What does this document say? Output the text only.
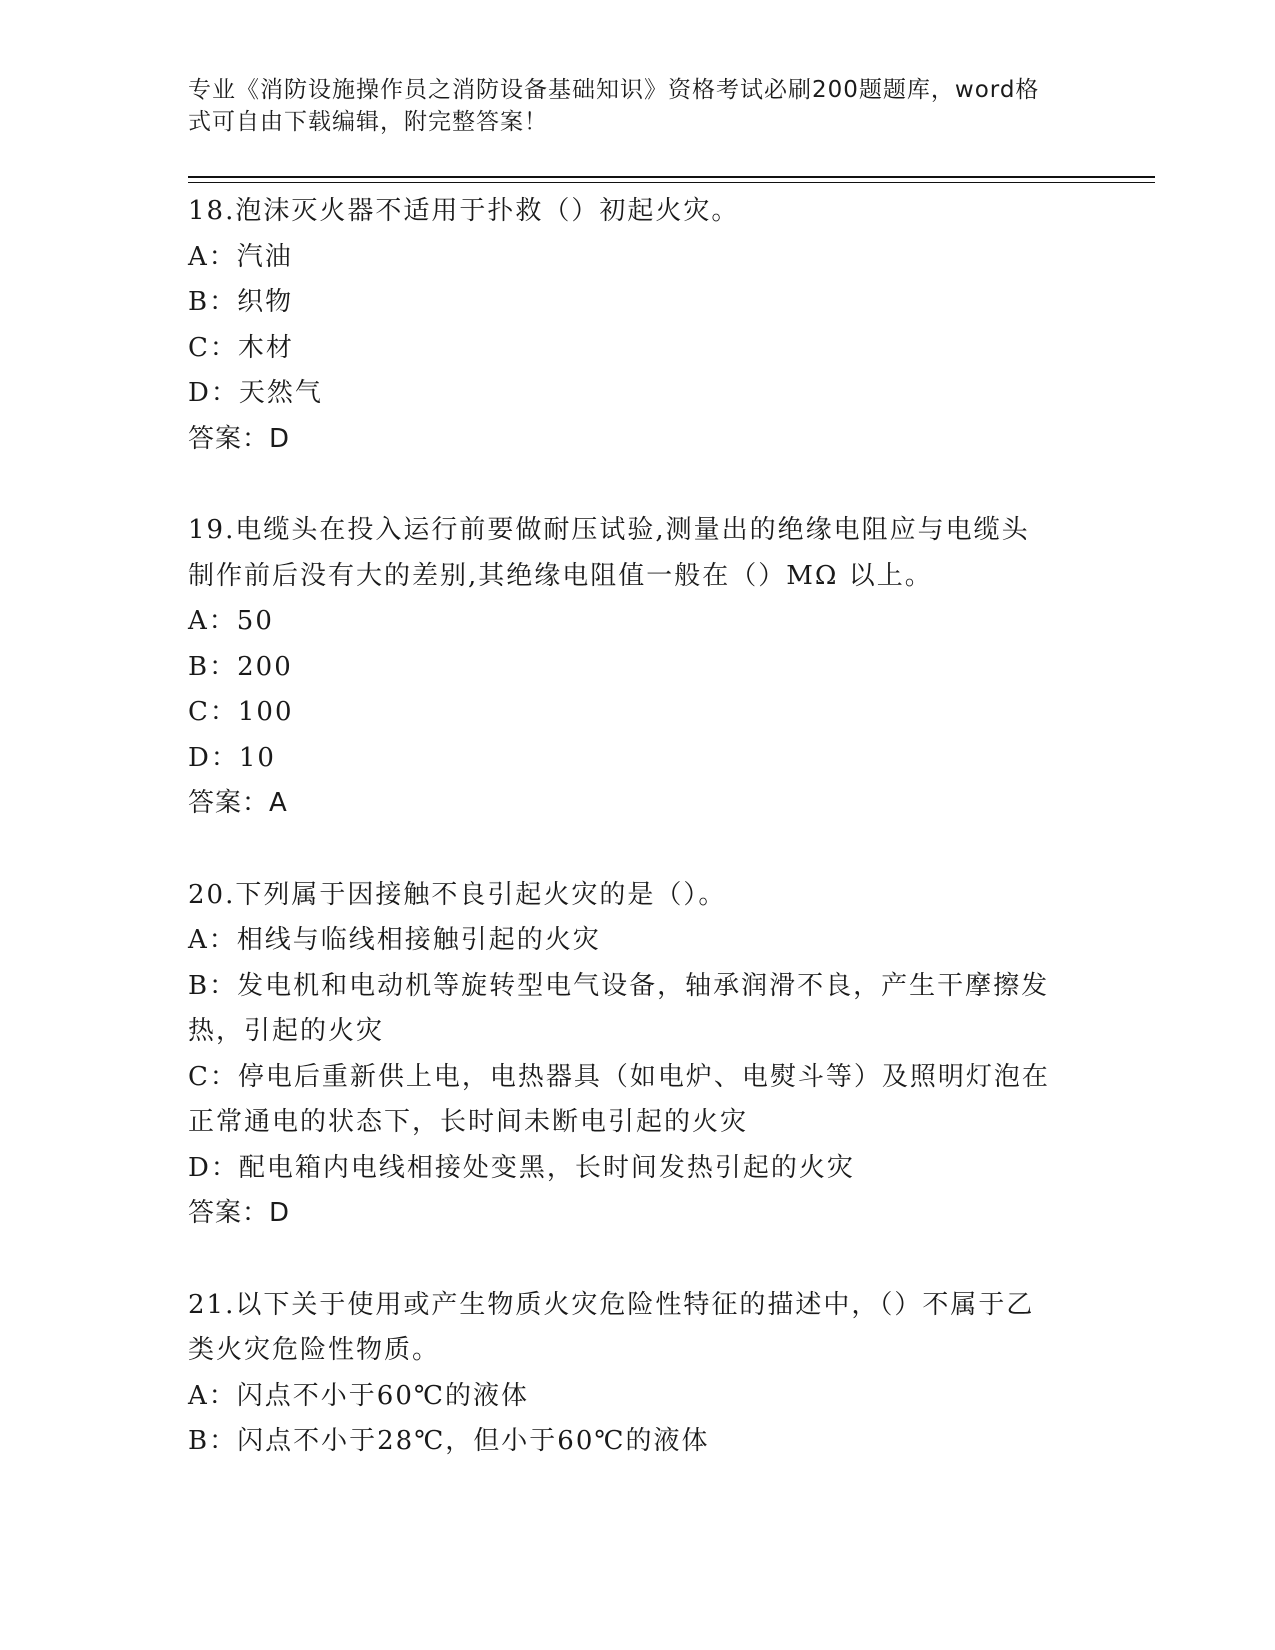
专业《消防设施操作员之消防设备基础知识》资格考试必刷200题题库，word格
式可自由下载编辑，附完整答案！
18.泡沫灭火器不适用于扑救（）初起火灾。
A：汽油
B：织物
C：木材
D：天然气
答案：D
19.电缆头在投入运行前要做耐压试验,测量出的绝缘电阻应与电缆头
制作前后没有大的差别,其绝缘电阻值一般在（）MΩ 以上。
A：50
B：200
C：100
D：10
答案：A
20.下列属于因接触不良引起火灾的是（）。
A：相线与临线相接触引起的火灾
B：发电机和电动机等旋转型电气设备，轴承润滑不良，产生干摩擦发
热，引起的火灾
C：停电后重新供上电，电热器具（如电炉、电熨斗等）及照明灯泡在
正常通电的状态下，长时间未断电引起的火灾
D：配电箱内电线相接处变黑，长时间发热引起的火灾
答案：D
21.以下关于使用或产生物质火灾危险性特征的描述中，（）不属于乙
类火灾危险性物质。
A：闪点不小于60℃的液体
B：闪点不小于28℃，但小于60℃的液体
